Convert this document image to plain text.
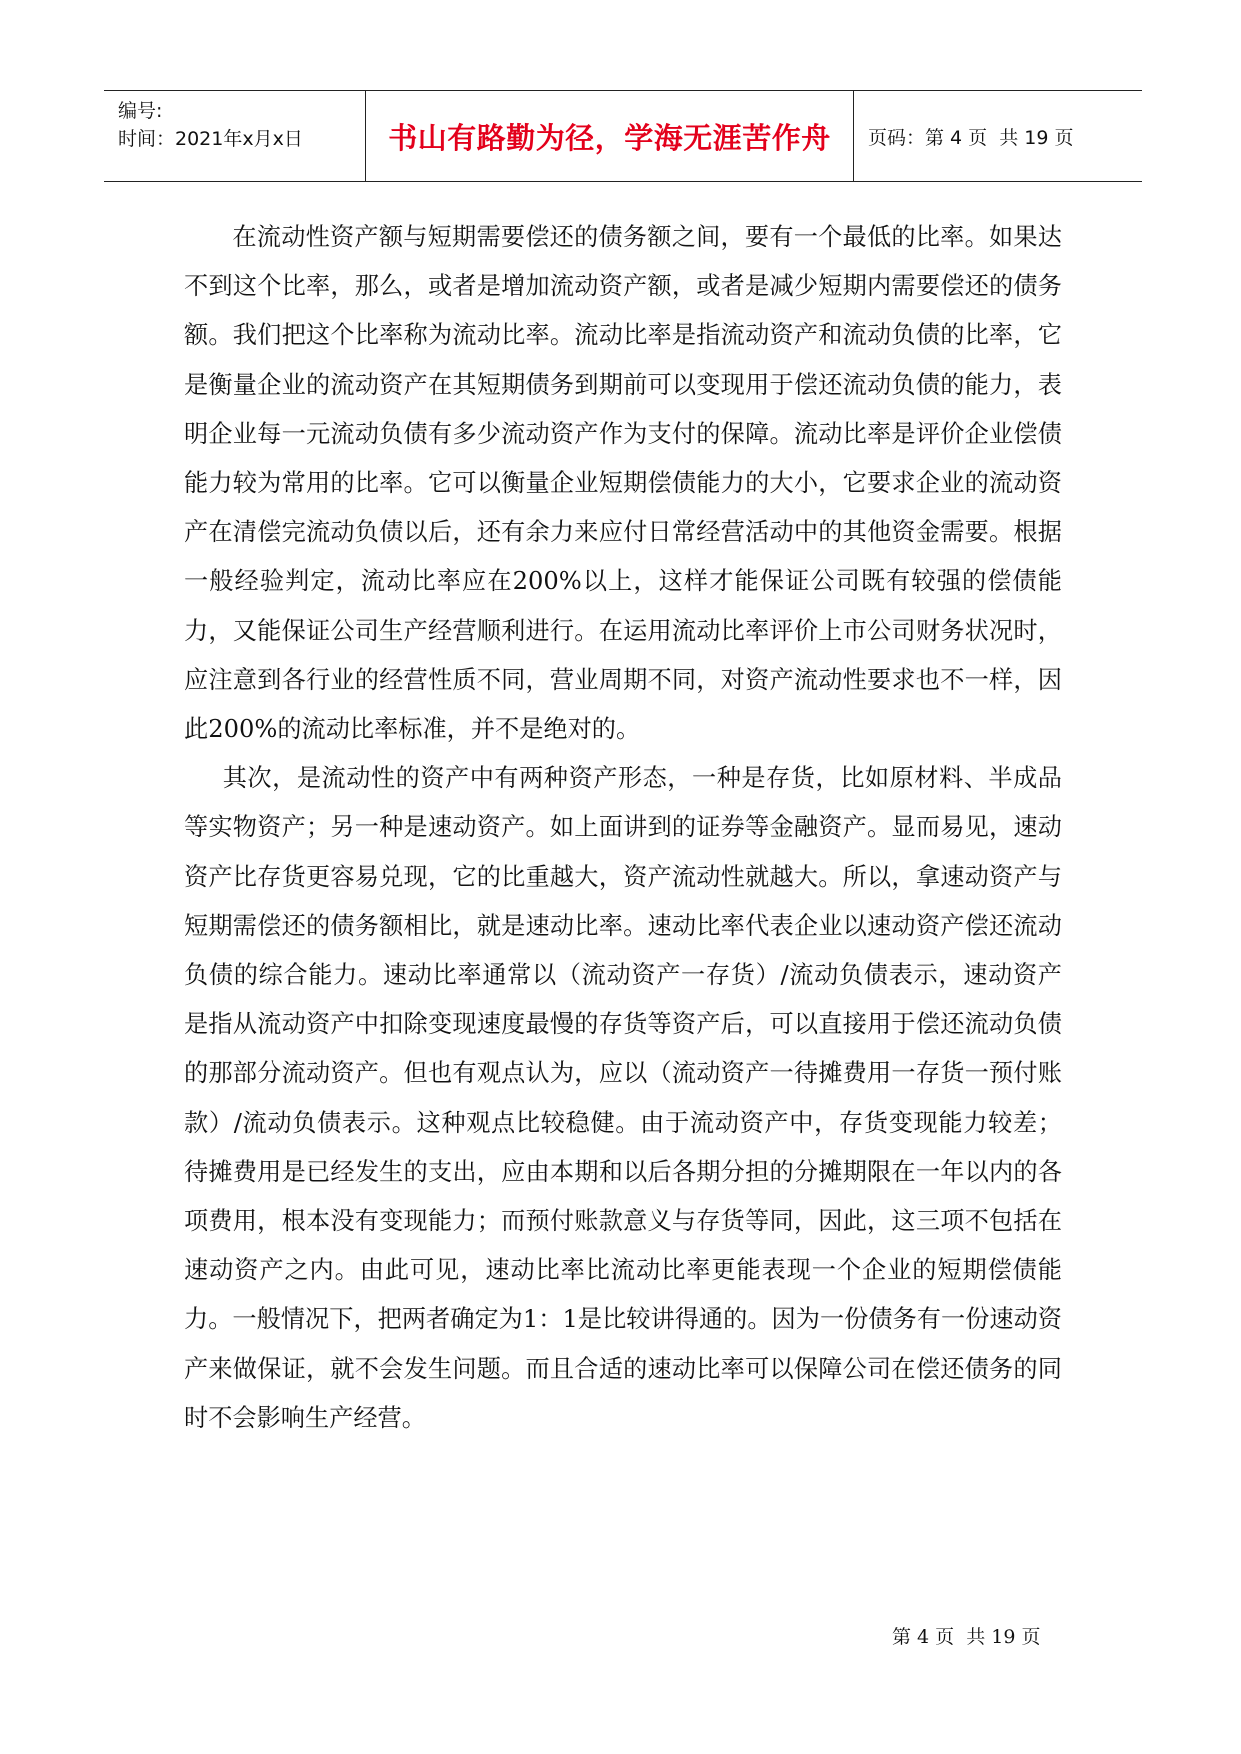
编号:
时间：2021年x月x日	书山有路勤为径，学海无涯苦作舟	页码：第 4 页  共 19 页

在流动性资产额与短期需要偿还的债务额之间，要有一个最低的比率。如果达不到这个比率，那么，或者是增加流动资产额，或者是减少短期内需要偿还的债务额。我们把这个比率称为流动比率。流动比率是指流动资产和流动负债的比率，它是衡量企业的流动资产在其短期债务到期前可以变现用于偿还流动负债的能力，表明企业每一元流动负债有多少流动资产作为支付的保障。流动比率是评价企业偿债能力较为常用的比率。它可以衡量企业短期偿债能力的大小，它要求企业的流动资产在清偿完流动负债以后，还有余力来应付日常经营活动中的其他资金需要。根据一般经验判定，流动比率应在200%以上，这样才能保证公司既有较强的偿债能力，又能保证公司生产经营顺利进行。在运用流动比率评价上市公司财务状况时，应注意到各行业的经营性质不同，营业周期不同，对资产流动性要求也不一样，因此200%的流动比率标准，并不是绝对的。

其次，是流动性的资产中有两种资产形态，一种是存货，比如原材料、半成品等实物资产；另一种是速动资产。如上面讲到的证券等金融资产。显而易见，速动资产比存货更容易兑现，它的比重越大，资产流动性就越大。所以，拿速动资产与短期需偿还的债务额相比，就是速动比率。速动比率代表企业以速动资产偿还流动负债的综合能力。速动比率通常以（流动资产一存货）/流动负债表示，速动资产是指从流动资产中扣除变现速度最慢的存货等资产后，可以直接用于偿还流动负债的那部分流动资产。但也有观点认为，应以（流动资产一待摊费用一存货一预付账款）/流动负债表示。这种观点比较稳健。由于流动资产中，存货变现能力较差；待摊费用是已经发生的支出，应由本期和以后各期分担的分摊期限在一年以内的各项费用，根本没有变现能力；而预付账款意义与存货等同，因此，这三项不包括在速动资产之内。由此可见，速动比率比流动比率更能表现一个企业的短期偿债能力。一般情况下，把两者确定为1：1是比较讲得通的。因为一份债务有一份速动资产来做保证，就不会发生问题。而且合适的速动比率可以保障公司在偿还债务的同时不会影响生产经营。

第 4 页  共 19 页
